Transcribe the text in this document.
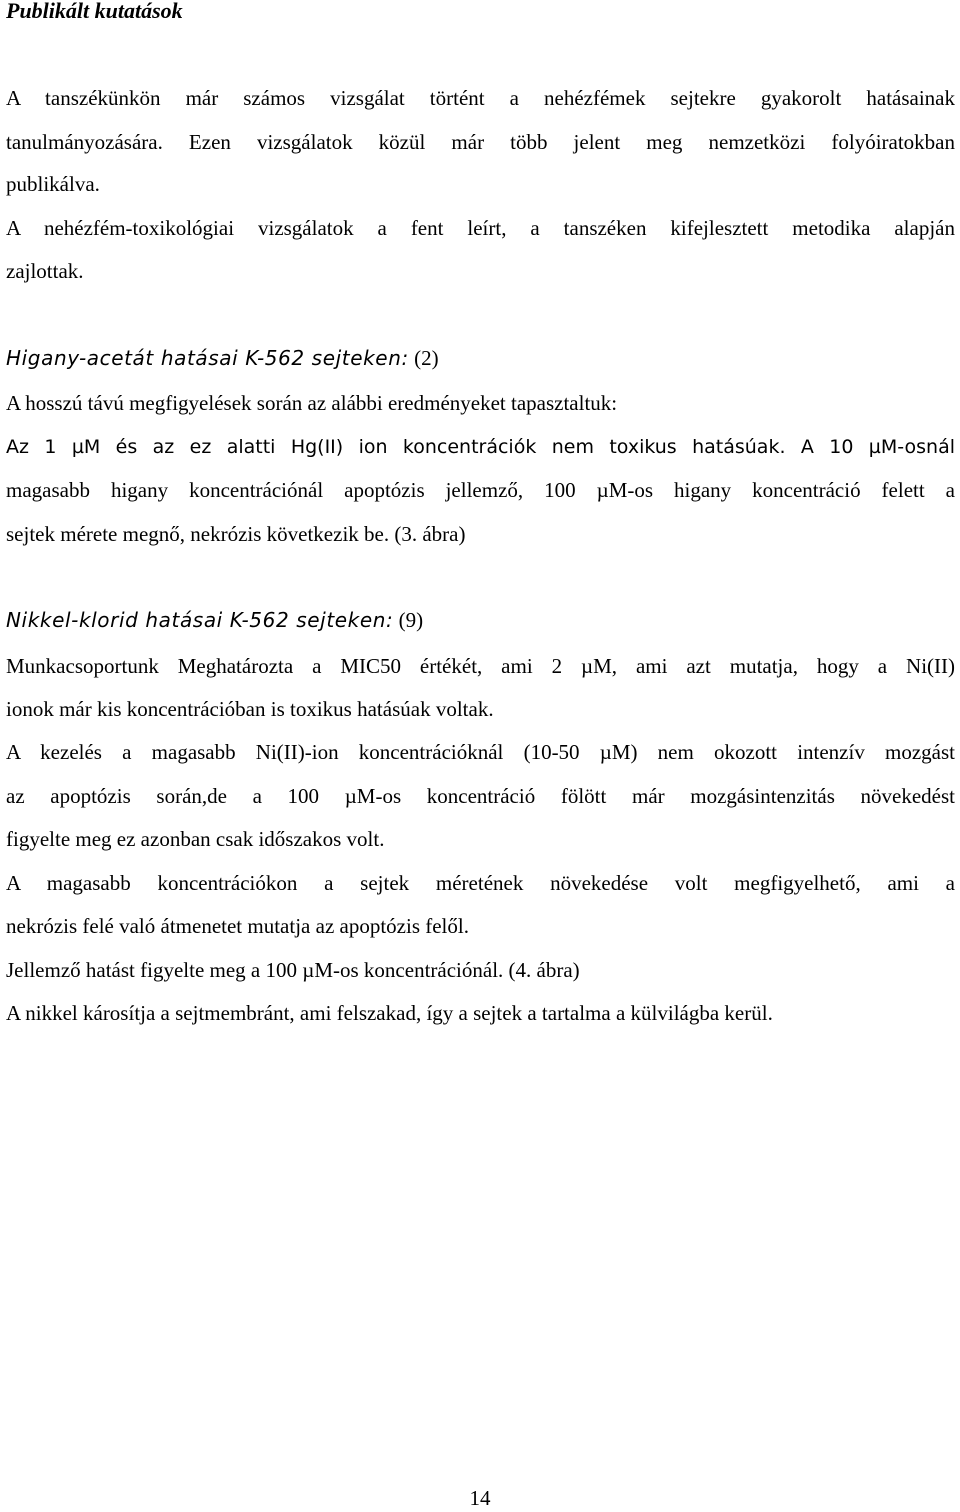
Publikált kutatások
A tanszékünkön már számos vizsgálat történt a nehézfémek sejtekre gyakorolt hatásainak
tanulmányozására. Ezen vizsgálatok közül már több jelent meg nemzetközi folyóiratokban
publikálva.
A nehézfém-toxikológiai vizsgálatok a fent leírt, a tanszéken kifejlesztett metodika alapján
zajlottak.
Higany-acetát hatásai K-562 sejteken: (2)
A hosszú távú megfigyelések során az alábbi eredményeket tapasztaltuk:
Az 1 µM és az ez alatti Hg(II) ion koncentrációk nem toxikus hatásúak. A 10 µM-osnál
magasabb higany koncentrációnál apoptózis jellemző, 100 µM-os higany koncentráció felett a
sejtek mérete megnő, nekrózis következik be. (3. ábra)
Nikkel-klorid hatásai K-562 sejteken: (9)
Munkacsoportunk Meghatározta a MIC50 értékét, ami 2 µM, ami azt mutatja, hogy a Ni(II)
ionok már kis koncentrációban is toxikus hatásúak voltak.
A kezelés a magasabb Ni(II)-ion koncentrációknál (10-50 µM) nem okozott intenzív mozgást
az apoptózis során,de a 100 µM-os koncentráció fölött már mozgásintenzitás növekedést
figyelte meg ez azonban csak időszakos volt.
A magasabb koncentrációkon a sejtek méretének növekedése volt megfigyelhető, ami a
nekrózis felé való átmenetet mutatja az apoptózis felől.
Jellemző hatást figyelte meg a 100 µM-os koncentrációnál. (4. ábra)
A nikkel károsítja a sejtmembránt, ami felszakad, így a sejtek a tartalma a külvilágba kerül.
14
